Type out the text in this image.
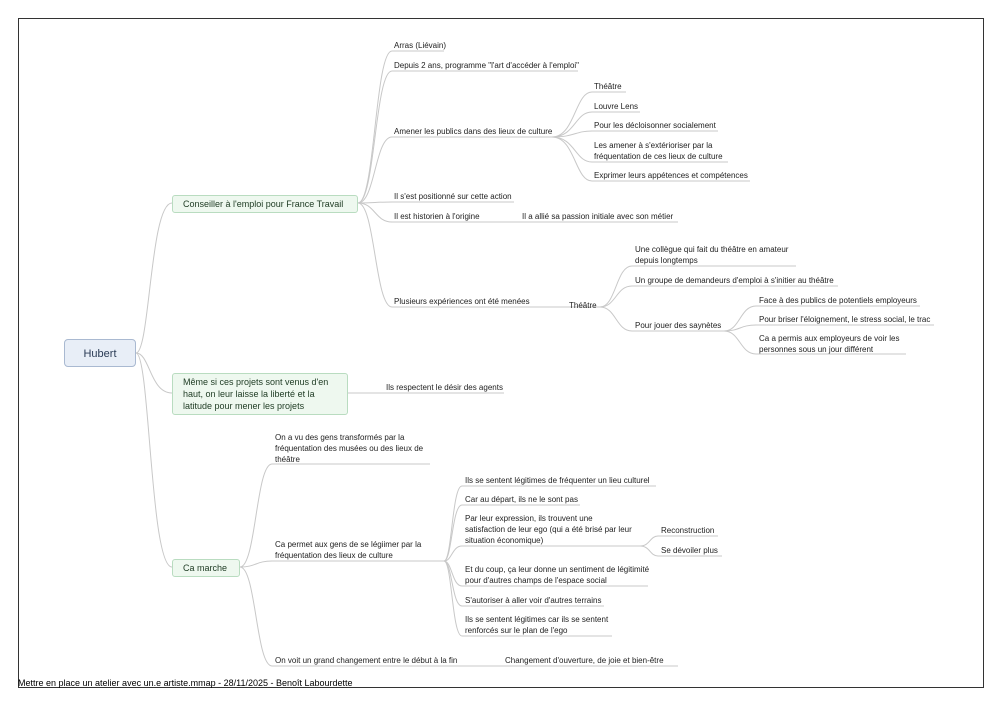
Hubert
Conseiller à l'emploi pour France Travail
Arras (Liévain)
Depuis 2 ans, programme "l'art d'accéder à l'emploi"
Amener les publics dans des lieux de culture
Théâtre
Louvre Lens
Pour les décloisonner socialement
Les amener à s'extérioriser par la fréquentation de ces lieux de culture
Exprimer leurs appétences et compétences
Il s'est positionné sur cette action
Il est historien à l'origine	Il a allié sa passion initiale avec son métier
Plusieurs expériences ont été menées	Théâtre
Une collègue qui fait du théâtre en amateur depuis longtemps
Un groupe de demandeurs d'emploi à s'initier au théâtre
Pour jouer des saynètes
Face à des publics de potentiels employeurs
Pour briser l'éloignement, le stress social, le trac
Ca a permis aux employeurs de voir les personnes sous un jour différent
Même si ces projets sont venus d'en haut, on leur laisse la liberté et la latitude pour mener les projets
Ils respectent le désir des agents
Ca marche
On a vu des gens transformés par la fréquentation des musées ou des lieux de théâtre
Ca permet aux gens de se légiimer par la fréquentation des lieux de culture
Ils se sentent légitimes de fréquenter un lieu culturel
Car au départ, ils ne le sont pas
Par leur expression, ils trouvent une satisfaction de leur ego (qui a été brisé par leur situation économique)
Reconstruction
Se dévoiler plus
Et du coup, ça leur donne un sentiment de légitimité pour d'autres champs de l'espace social
S'autoriser à aller voir d'autres terrains
Ils se sentent légitimes car ils se sentent renforcés sur le plan de l'ego
On voit un grand changement entre le début à la fin	Changement d'ouverture, de joie et bien-être
Mettre en place un atelier avec un.e artiste.mmap - 28/11/2025 - Benoît Labourdette
